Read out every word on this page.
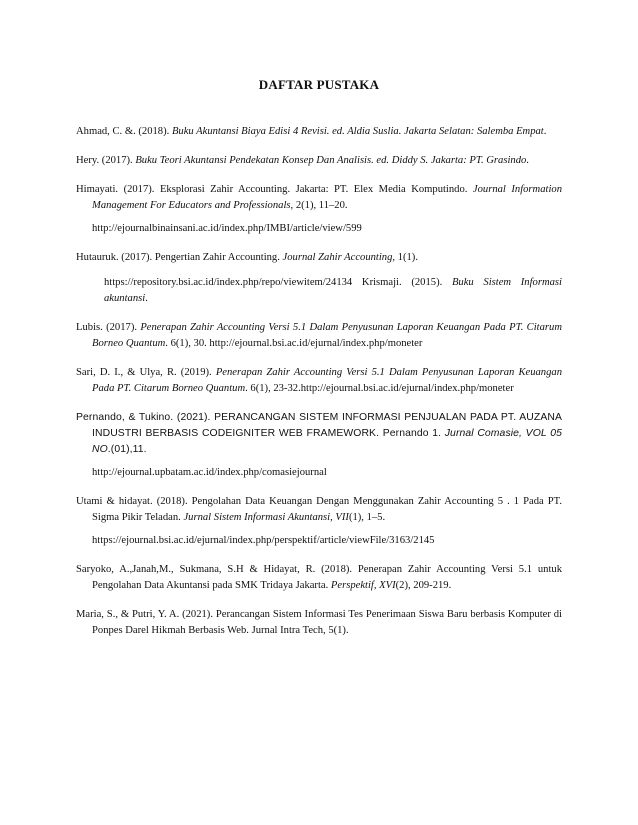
DAFTAR PUSTAKA

Ahmad, C. &. (2018). Buku Akuntansi Biaya Edisi 4 Revisi. ed. Aldia Suslia. Jakarta Selatan: Salemba Empat.

Hery. (2017). Buku Teori Akuntansi Pendekatan Konsep Dan Analisis. ed. Diddy S. Jakarta: PT. Grasindo.

Himayati. (2017). Eksplorasi Zahir Accounting. Jakarta: PT. Elex Media Komputindo. Journal Information Management For Educators and Professionals, 2(1), 11–20.

http://ejournalbinainsani.ac.id/index.php/IMBI/article/view/599

Hutauruk. (2017). Pengertian Zahir Accounting. Journal Zahir Accounting, 1(1).

https://repository.bsi.ac.id/index.php/repo/viewitem/24134 Krismaji. (2015). Buku Sistem Informasi akuntansi.

Lubis. (2017). Penerapan Zahir Accounting Versi 5.1 Dalam Penyusunan Laporan Keuangan Pada PT. Citarum Borneo Quantum. 6(1), 30. http://ejournal.bsi.ac.id/ejurnal/index.php/moneter

Sari, D. I., & Ulya, R. (2019). Penerapan Zahir Accounting Versi 5.1 Dalam Penyusunan Laporan Keuangan Pada PT. Citarum Borneo Quantum. 6(1), 23-32.http://ejournal.bsi.ac.id/ejurnal/index.php/moneter

Pernando, & Tukino. (2021). PERANCANGAN SISTEM INFORMASI PENJUALAN PADA PT. AUZANA INDUSTRI BERBASIS CODEIGNITER WEB FRAMEWORK. Pernando 1. Jurnal Comasie, VOL 05 NO.(01),11.

http://ejournal.upbatam.ac.id/index.php/comasiejournal

Utami & hidayat. (2018). Pengolahan Data Keuangan Dengan Menggunakan Zahir Accounting 5 . 1 Pada PT. Sigma Pikir Teladan. Jurnal Sistem Informasi Akuntansi, VII(1), 1–5.

https://ejournal.bsi.ac.id/ejurnal/index.php/perspektif/article/viewFile/3163/2145

Saryoko, A.,Janah,M., Sukmana, S.H & Hidayat, R. (2018). Penerapan Zahir Accounting Versi 5.1 untuk Pengolahan Data Akuntansi pada SMK Tridaya Jakarta. Perspektif, XVI(2), 209-219.

Maria, S., & Putri, Y. A. (2021). Perancangan Sistem Informasi Tes Penerimaan Siswa Baru berbasis Komputer di Ponpes Darel Hikmah Berbasis Web. Jurnal Intra Tech, 5(1).
